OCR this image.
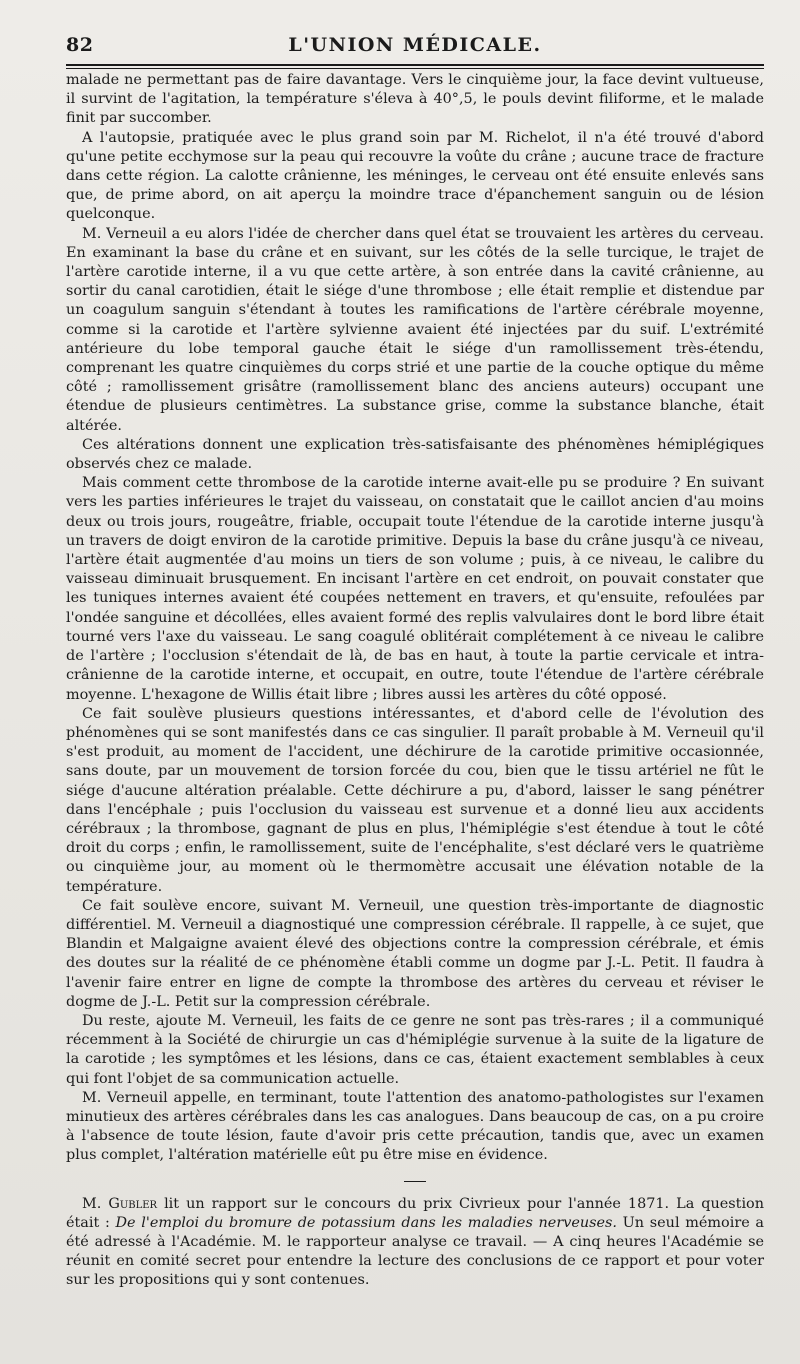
82	L'UNION MÉDICALE.

malade ne permettant pas de faire davantage. Vers le cinquième jour, la face devint vultueuse, il survint de l'agitation, la température s'éleva à 40°,5, le pouls devint filiforme, et le malade finit par succomber.

A l'autopsie, pratiquée avec le plus grand soin par M. Richelot, il n'a été trouvé d'abord qu'une petite ecchymose sur la peau qui recouvre la voûte du crâne ; aucune trace de fracture dans cette région. La calotte crânienne, les méninges, le cerveau ont été ensuite enlevés sans que, de prime abord, on ait aperçu la moindre trace d'épanchement sanguin ou de lésion quelconque.

M. Verneuil a eu alors l'idée de chercher dans quel état se trouvaient les artères du cerveau. En examinant la base du crâne et en suivant, sur les côtés de la selle turcique, le trajet de l'artère carotide interne, il a vu que cette artère, à son entrée dans la cavité crânienne, au sortir du canal carotidien, était le siége d'une thrombose ; elle était remplie et distendue par un coagulum sanguin s'étendant à toutes les ramifications de l'artère cérébrale moyenne, comme si la carotide et l'artère sylvienne avaient été injectées par du suif. L'extrémité antérieure du lobe temporal gauche était le siége d'un ramollissement très-étendu, comprenant les quatre cinquièmes du corps strié et une partie de la couche optique du même côté ; ramollissement grisâtre (ramollissement blanc des anciens auteurs) occupant une étendue de plusieurs centimètres. La substance grise, comme la substance blanche, était altérée.

Ces altérations donnent une explication très-satisfaisante des phénomènes hémiplégiques observés chez ce malade.

Mais comment cette thrombose de la carotide interne avait-elle pu se produire ? En suivant vers les parties inférieures le trajet du vaisseau, on constatait que le caillot ancien d'au moins deux ou trois jours, rougeâtre, friable, occupait toute l'étendue de la carotide interne jusqu'à un travers de doigt environ de la carotide primitive. Depuis la base du crâne jusqu'à ce niveau, l'artère était augmentée d'au moins un tiers de son volume ; puis, à ce niveau, le calibre du vaisseau diminuait brusquement. En incisant l'artère en cet endroit, on pouvait constater que les tuniques internes avaient été coupées nettement en travers, et qu'ensuite, refoulées par l'ondée sanguine et décollées, elles avaient formé des replis valvulaires dont le bord libre était tourné vers l'axe du vaisseau. Le sang coagulé oblitérait complétement à ce niveau le calibre de l'artère ; l'occlusion s'étendait de là, de bas en haut, à toute la partie cervicale et intra-crânienne de la carotide interne, et occupait, en outre, toute l'étendue de l'artère cérébrale moyenne. L'hexagone de Willis était libre ; libres aussi les artères du côté opposé.

Ce fait soulève plusieurs questions intéressantes, et d'abord celle de l'évolution des phénomènes qui se sont manifestés dans ce cas singulier. Il paraît probable à M. Verneuil qu'il s'est produit, au moment de l'accident, une déchirure de la carotide primitive occasionnée, sans doute, par un mouvement de torsion forcée du cou, bien que le tissu artériel ne fût le siége d'aucune altération préalable. Cette déchirure a pu, d'abord, laisser le sang pénétrer dans l'encéphale ; puis l'occlusion du vaisseau est survenue et a donné lieu aux accidents cérébraux ; la thrombose, gagnant de plus en plus, l'hémiplégie s'est étendue à tout le côté droit du corps ; enfin, le ramollissement, suite de l'encéphalite, s'est déclaré vers le quatrième ou cinquième jour, au moment où le thermomètre accusait une élévation notable de la température.

Ce fait soulève encore, suivant M. Verneuil, une question très-importante de diagnostic différentiel. M. Verneuil a diagnostiqué une compression cérébrale. Il rappelle, à ce sujet, que Blandin et Malgaigne avaient élevé des objections contre la compression cérébrale, et émis des doutes sur la réalité de ce phénomène établi comme un dogme par J.-L. Petit. Il faudra à l'avenir faire entrer en ligne de compte la thrombose des artères du cerveau et réviser le dogme de J.-L. Petit sur la compression cérébrale.

Du reste, ajoute M. Verneuil, les faits de ce genre ne sont pas très-rares ; il a communiqué récemment à la Société de chirurgie un cas d'hémiplégie survenue à la suite de la ligature de la carotide ; les symptômes et les lésions, dans ce cas, étaient exactement semblables à ceux qui font l'objet de sa communication actuelle.

M. Verneuil appelle, en terminant, toute l'attention des anatomo-pathologistes sur l'examen minutieux des artères cérébrales dans les cas analogues. Dans beaucoup de cas, on a pu croire à l'absence de toute lésion, faute d'avoir pris cette précaution, tandis que, avec un examen plus complet, l'altération matérielle eût pu être mise en évidence.

M. Gubler lit un rapport sur le concours du prix Civrieux pour l'année 1871. La question était : De l'emploi du bromure de potassium dans les maladies nerveuses. Un seul mémoire a été adressé à l'Académie. M. le rapporteur analyse ce travail. — A cinq heures l'Académie se réunit en comité secret pour entendre la lecture des conclusions de ce rapport et pour voter sur les propositions qui y sont contenues.
